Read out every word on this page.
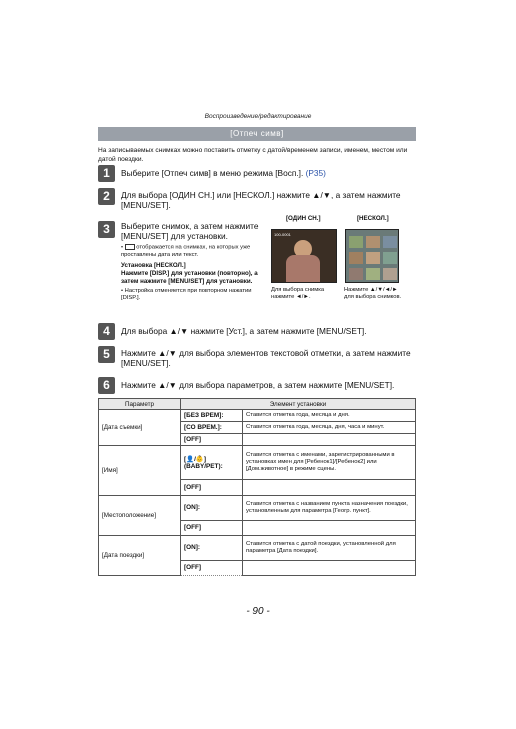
Воспроизведение/редактирование
[Отпеч симв]
На записываемых снимках можно поставить отметку с датой/временем записи, именем, местом или датой поездки.
1	Выберите [Отпеч симв] в меню режима [Восп.]. (P35)
2	Для выбора [ОДИН СН.] или [НЕСКОЛ.] нажмите ▲/▼, а затем нажмите [MENU/SET].
3	Выберите снимок, а затем нажмите [MENU/SET] для установки.
•  отображается на снимках, на которых уже проставлены дата или текст.
Установка [НЕСКОЛ.]
Нажмите [DISP.] для установки (повторно), а затем нажмите [MENU/SET] для установки.
• Настройка отменяется при повторном нажатии [DISP.].
[ОДИН СН.]	[НЕСКОЛ.]
100-0001
Для выбора снимка нажмите ◄/►.
Нажмите ▲/▼/◄/► для выбора снимков.
4	Для выбора ▲/▼ нажмите [Уст.], а затем нажмите [MENU/SET].
5	Нажмите ▲/▼ для выбора элементов текстовой отметки, а затем нажмите [MENU/SET].
6	Нажмите ▲/▼ для выбора параметров, а затем нажмите [MENU/SET].
Параметр	Элемент установки	
[Дата съемки]	[БЕЗ ВРЕМ]:	Ставится отметка года, месяца и дня.
	[СО ВРЕМ.]:	Ставится отметка года, месяца, дня, часа и минут.
	[OFF]	
[Имя]	[👤/👶] (BABY/PET):	Ставится отметка с именами, зарегистрированными в установках имен для [Ребенок1]/[Ребенок2] или [Дом.животное] в режиме сцены.
	[OFF]	
[Местоположение]	[ON]:	Ставится отметка с названием пункта назначения поездки, установленным для параметра [Геогр. пункт].
	[OFF]	
[Дата поездки]	[ON]:	Ставится отметка с датой поездки, установленной для параметра [Дата поездки].
	[OFF]	
- 90 -
